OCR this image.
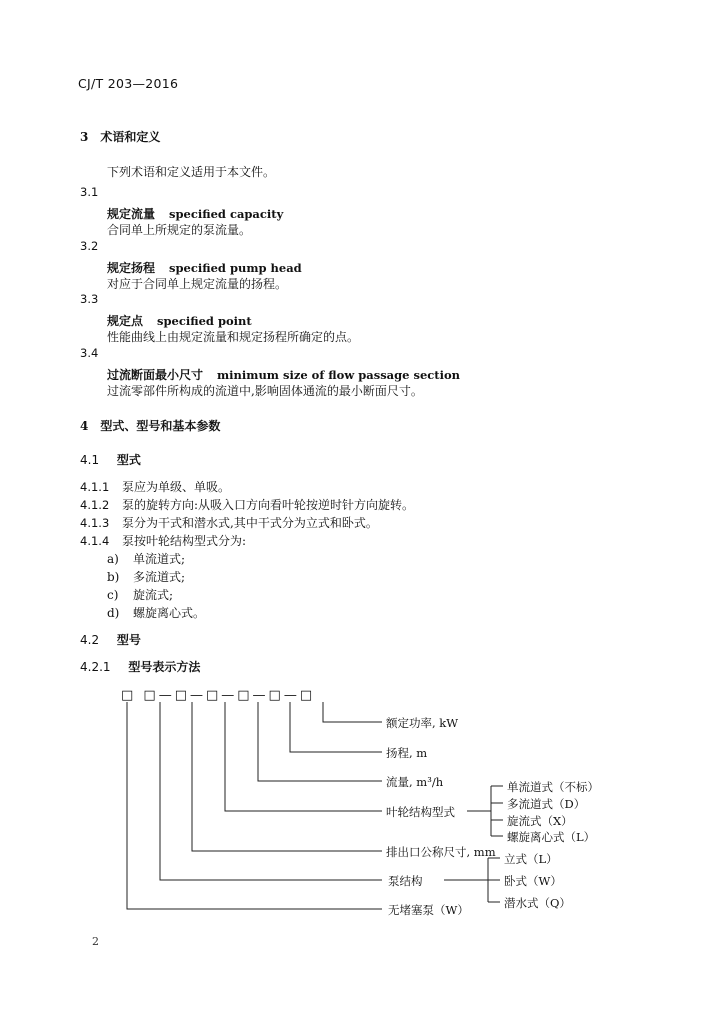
CJ/T 203—2016
3　术语和定义
下列术语和定义适用于本文件。
3.1
规定流量 specified capacity
合同单上所规定的泵流量。
3.2
规定扬程 specified pump head
对应于合同单上规定流量的扬程。
3.3
规定点 specified point
性能曲线上由规定流量和规定扬程所确定的点。
3.4
过流断面最小尺寸 minimum size of flow passage section
过流零部件所构成的流道中,影响固体通流的最小断面尺寸。
4　型式、型号和基本参数
4.1 型式
4.1.1 泵应为单级、单吸。
4.1.2 泵的旋转方向:从吸入口方向看叶轮按逆时针方向旋转。
4.1.3 泵分为干式和潜水式,其中干式分为立式和卧式。
4.1.4 泵按叶轮结构型式分为:
a) 单流道式;
b) 多流道式;
c) 旋流式;
d) 螺旋离心式。
4.2 型号
4.2.1 型号表示方法
□ □—□—□—□—□—□
额定功率, kW
扬程, m
流量, m³/h
叶轮结构型式
排出口公称尺寸, mm
泵结构
无堵塞泵（W）
单流道式（不标）
多流道式（D）
旋流式（X）
螺旋离心式（L）
立式（L）
卧式（W）
潜水式（Q）
2
